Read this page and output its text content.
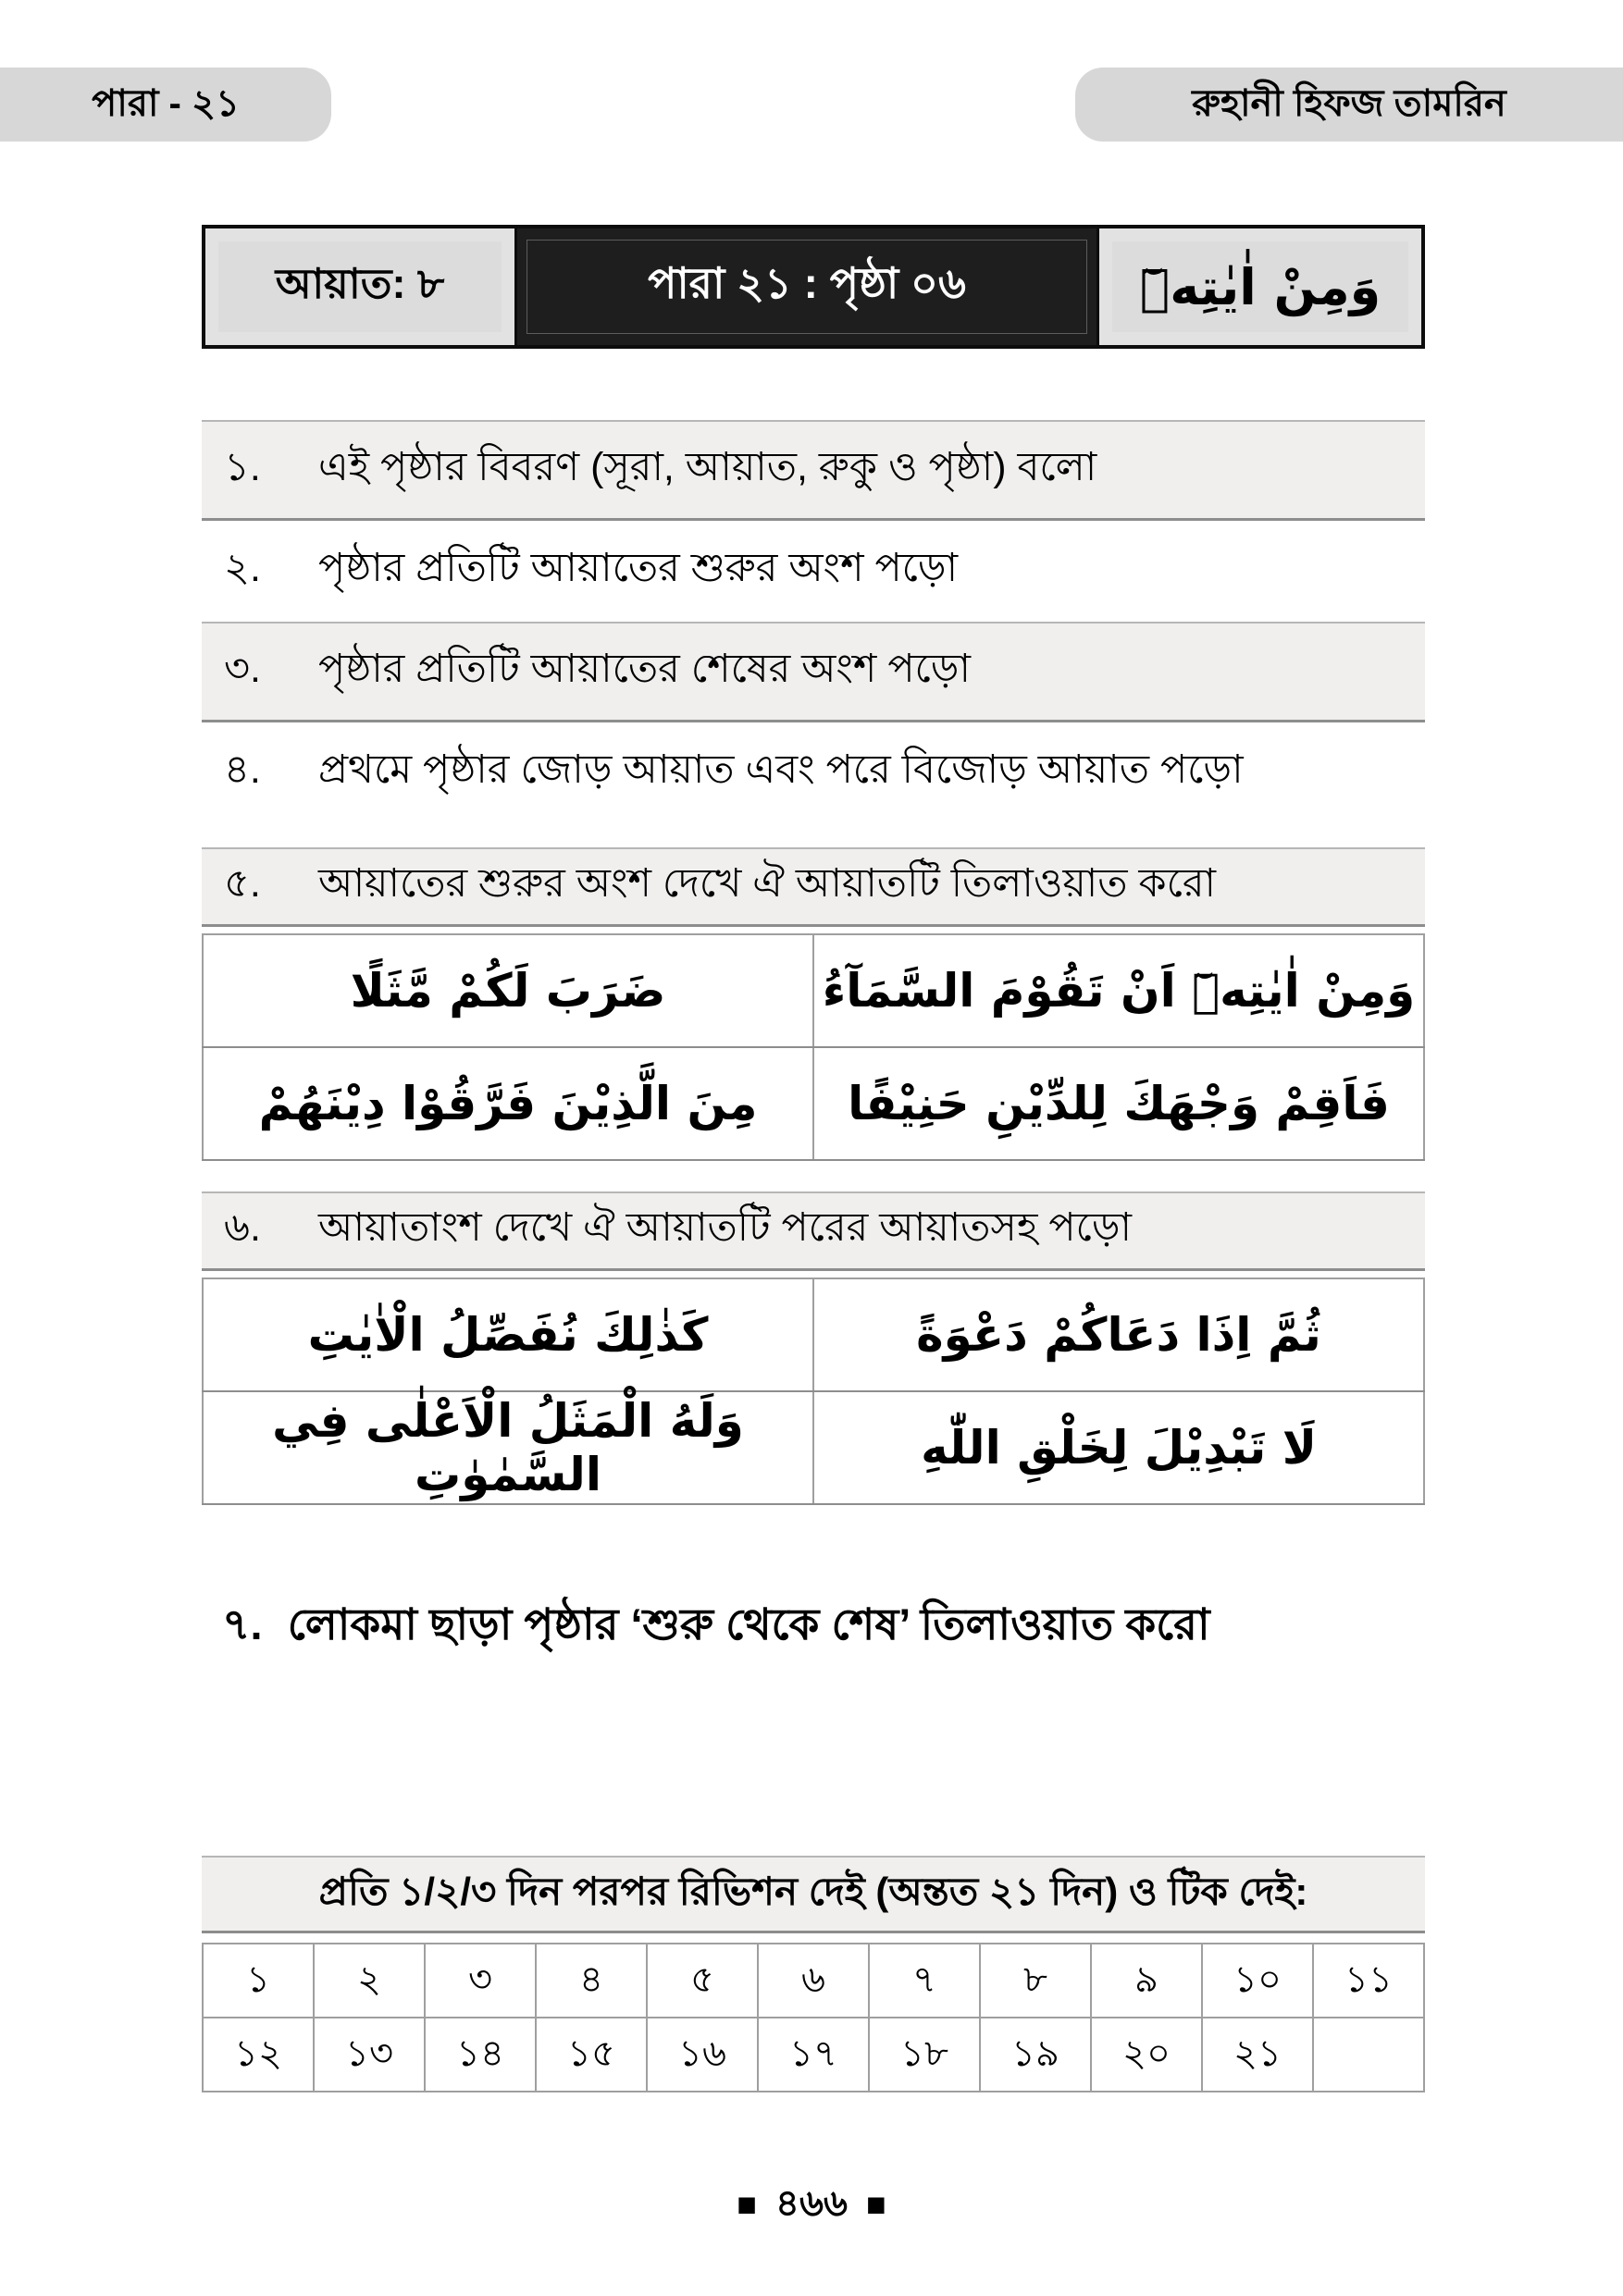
পারা - ২১	রুহানী হিফজ তামরিন
আয়াত: ৮	পারা ২১ : পৃষ্ঠা ০৬	وَمِنْ اٰيٰتِهٖٓ
১.	এই পৃষ্ঠার বিবরণ (সূরা, আয়াত, রুকু ও পৃষ্ঠা) বলো
২.	পৃষ্ঠার প্রতিটি আয়াতের শুরুর অংশ পড়ো
৩.	পৃষ্ঠার প্রতিটি আয়াতের শেষের অংশ পড়ো
৪.	প্রথমে পৃষ্ঠার জোড় আয়াত এবং পরে বিজোড় আয়াত পড়ো
৫.	আয়াতের শুরুর অংশ দেখে ঐ আয়াতটি তিলাওয়াত করো
ضَرَبَ لَكُمْ مَّثَلًا	وَمِنْ اٰيٰتِهٖٓ اَنْ تَقُوْمَ السَّمَآءُ
مِنَ الَّذِيْنَ فَرَّقُوْا دِيْنَهُمْ	فَاَقِمْ وَجْهَكَ لِلدِّيْنِ حَنِيْفًا
৬.	আয়াতাংশ দেখে ঐ আয়াতটি পরের আয়াতসহ পড়ো
كَذٰلِكَ نُفَصِّلُ الْاٰيٰتِ	ثُمَّ اِذَا دَعَاكُمْ دَعْوَةً
وَلَهُ الْمَثَلُ الْاَعْلٰى فِي السَّمٰوٰتِ	لَا تَبْدِيْلَ لِخَلْقِ اللّٰهِ
৭. লোকমা ছাড়া পৃষ্ঠার ‘শুরু থেকে শেষ’ তিলাওয়াত করো
প্রতি ১/২/৩ দিন পরপর রিভিশন দেই (অন্তত ২১ দিন) ও টিক দেই:
১	২	৩	৪	৫	৬	৭	৮	৯	১০	১১
১২	১৩	১৪	১৫	১৬	১৭	১৮	১৯	২০	২১	
■ ৪৬৬ ■
